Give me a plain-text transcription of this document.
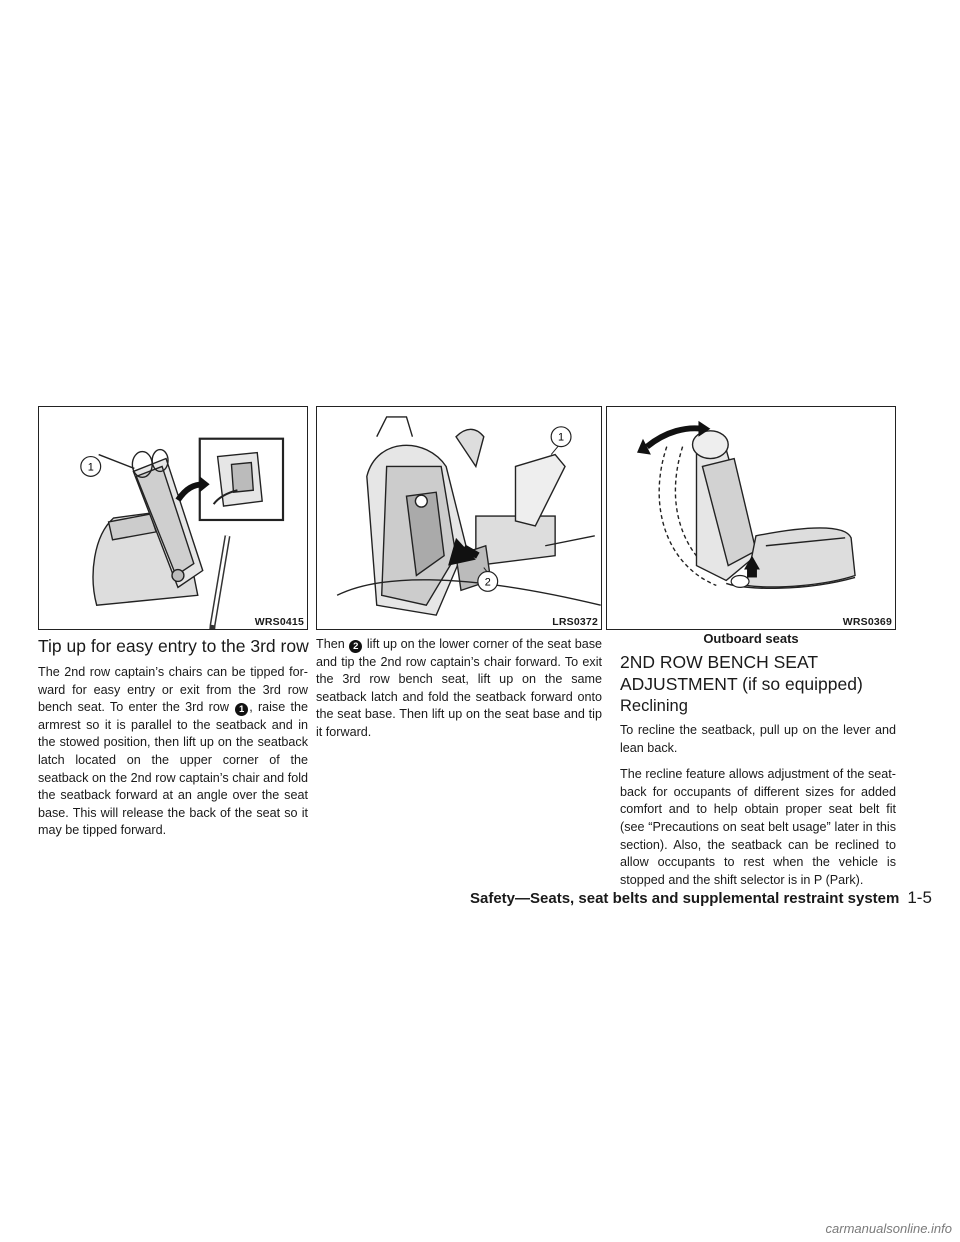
1
WRS0415
1
2
LRS0372	WRS0369
Outboard seats
Tip up for easy entry to the 3rd row

The 2nd row captain’s chairs can be tipped for-ward for easy entry or exit from the 3rd row bench seat. To enter the 3rd row 1 , raise the armrest so it is parallel to the seatback and in the stowed position, then lift up on the seatback latch located on the upper corner of the seatback on the 2nd row captain’s chair and fold the seatback forward at an angle over the seat base. This will release the back of the seat so it may be tipped forward.

Then 2 lift up on the lower corner of the seat base and tip the 2nd row captain’s chair forward. To exit the 3rd row bench seat, lift up on the same seatback latch and fold the seatback forward onto the seat base. Then lift up on the seat base and tip it forward.

2ND ROW BENCH SEAT ADJUSTMENT (if so equipped)
Reclining

To recline the seatback, pull up on the lever and lean back.

The recline feature allows adjustment of the seat-back for occupants of different sizes for added comfort and to help obtain proper seat belt fit (see “Precautions on seat belt usage” later in this section). Also, the seatback can be reclined to allow occupants to rest when the vehicle is stopped and the shift selector is in P (Park).

Safety—Seats, seat belts and supplemental restraint system 1-5
carmanualsonline.info
